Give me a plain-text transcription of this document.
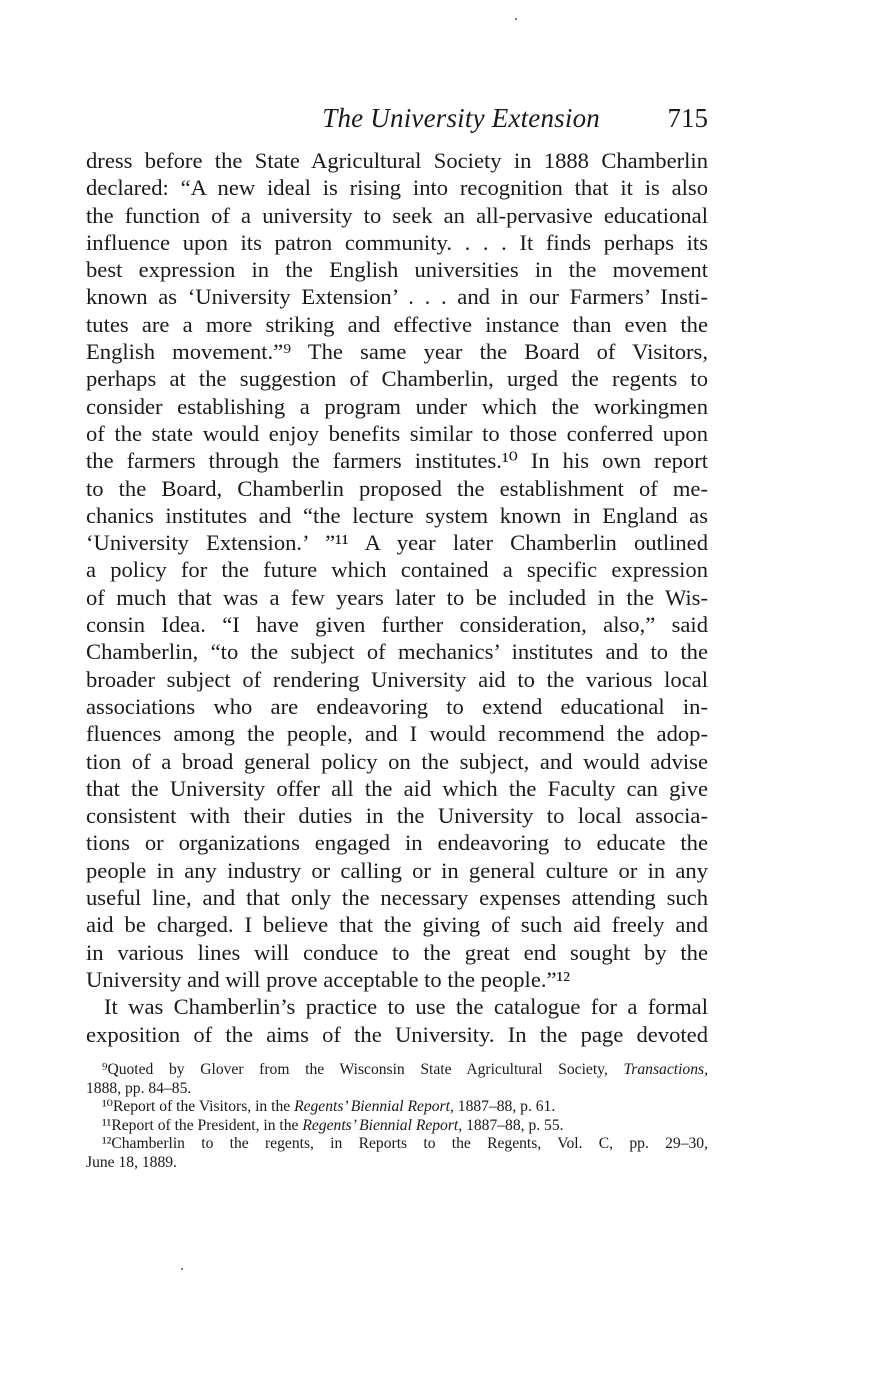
The University Extension	715
dress before the State Agricultural Society in 1888 Chamberlin
declared: “A new ideal is rising into recognition that it is also
the function of a university to seek an all-pervasive educational
influence upon its patron community. . . . It finds perhaps its
best expression in the English universities in the movement
known as ‘University Extension’ . . . and in our Farmers’ Insti-
tutes are a more striking and effective instance than even the
English movement.”⁹ The same year the Board of Visitors,
perhaps at the suggestion of Chamberlin, urged the regents to
consider establishing a program under which the workingmen
of the state would enjoy benefits similar to those conferred upon
the farmers through the farmers institutes.¹⁰ In his own report
to the Board, Chamberlin proposed the establishment of me-
chanics institutes and “the lecture system known in England as
‘University Extension.’ ”¹¹ A year later Chamberlin outlined
a policy for the future which contained a specific expression
of much that was a few years later to be included in the Wis-
consin Idea. “I have given further consideration, also,” said
Chamberlin, “to the subject of mechanics’ institutes and to the
broader subject of rendering University aid to the various local
associations who are endeavoring to extend educational in-
fluences among the people, and I would recommend the adop-
tion of a broad general policy on the subject, and would advise
that the University offer all the aid which the Faculty can give
consistent with their duties in the University to local associa-
tions or organizations engaged in endeavoring to educate the
people in any industry or calling or in general culture or in any
useful line, and that only the necessary expenses attending such
aid be charged. I believe that the giving of such aid freely and
in various lines will conduce to the great end sought by the
University and will prove acceptable to the people.”¹²
It was Chamberlin’s practice to use the catalogue for a formal
exposition of the aims of the University. In the page devoted
⁹Quoted by Glover from the Wisconsin State Agricultural Society, Transactions,
1888, pp. 84–85.
¹⁰Report of the Visitors, in the Regents’ Biennial Report, 1887–88, p. 61.
¹¹Report of the President, in the Regents’ Biennial Report, 1887–88, p. 55.
¹²Chamberlin to the regents, in Reports to the Regents, Vol. C, pp. 29–30,
June 18, 1889.
